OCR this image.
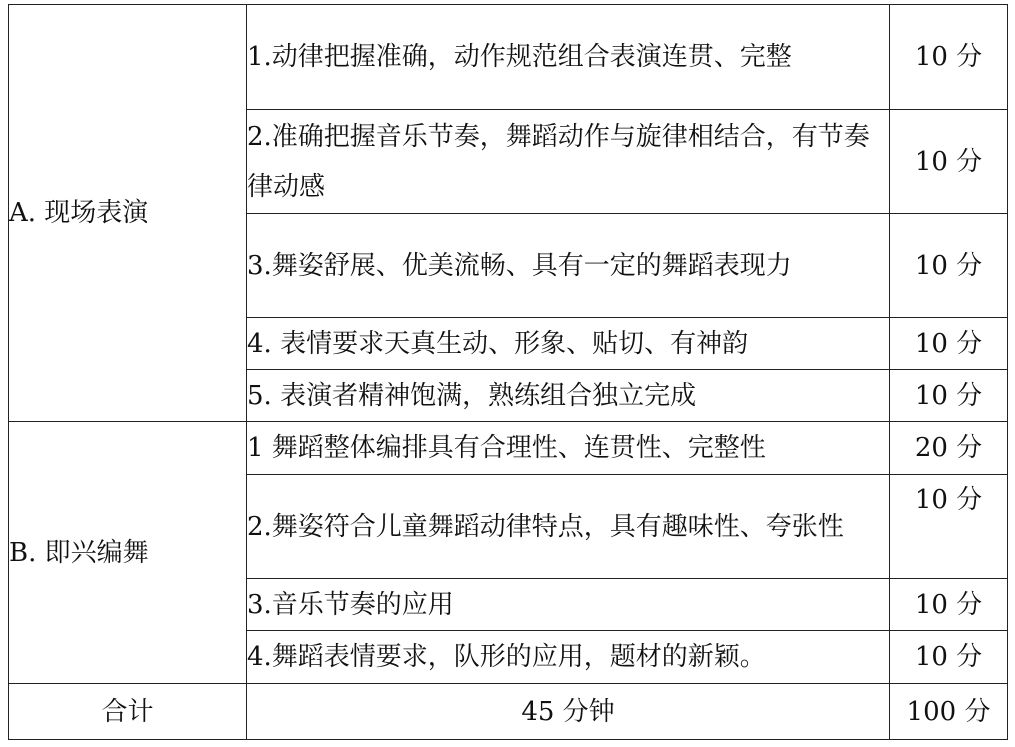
A. 现场表演	1.动律把握准确，动作规范组合表演连贯、完整	10 分
	2.准确把握音乐节奏，舞蹈动作与旋律相结合，有节奏律动感	10 分
	3.舞姿舒展、优美流畅、具有一定的舞蹈表现力	10 分
	4. 表情要求天真生动、形象、贴切、有神韵	10 分
	5. 表演者精神饱满，熟练组合独立完成	10 分
B. 即兴编舞	1 舞蹈整体编排具有合理性、连贯性、完整性	20 分
	2.舞姿符合儿童舞蹈动律特点，具有趣味性、夸张性	10 分
	3.音乐节奏的应用	10 分
	4.舞蹈表情要求，队形的应用，题材的新颖。	10 分
合计	45 分钟	100 分
